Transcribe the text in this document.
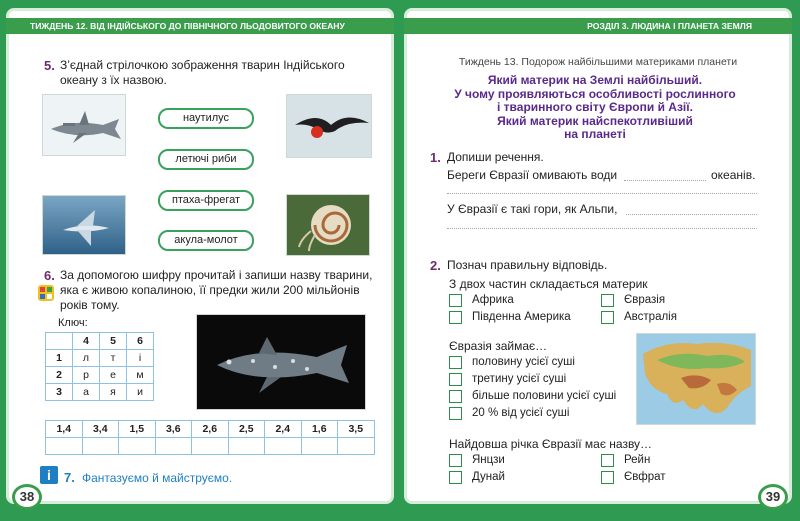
ТИЖДЕНЬ 12. ВІД ІНДІЙСЬКОГО ДО ПІВНІЧНОГО ЛЬОДОВИТОГО ОКЕАНУ	РОЗДІЛ 3. ЛЮДИНА І ПЛАНЕТА ЗЕМЛЯ
5. З’єднай стрілочкою зображення тварин Індійського
океану з їх назвою.
наутилус
летючі риби
птаха-фрегат
акула-молот
6. За допомогою шифру прочитай і запиши назву тварини,
яка є живою копалиною, її предки жили 200 мільйонів
років тому.
Ключ:
	4	5	6
1	л	т	і
2	р	е	м
3	а	я	и
1,4	3,4	1,5	3,6	2,6	2,5	2,4	1,6	3,5

i	7. Фантазуємо й майструємо.
38
Тиждень 13. Подорож найбільшими материками планети
Який материк на Землі найбільший.
У чому проявляються особливості рослинного
і тваринного світу Європи й Азії.
Який материк найспекотливіший
на планеті
1. Допиши речення.
Береги Євразії омивають води	океанів.
У Євразії є такі гори, як Альпи,
2. Познач правильну відповідь.
З двох частин складається материк
Африка	Євразія
Південна Америка	Австралія
Євразія займає…
половину усієї суші
третину усієї суші
більше половини усієї суші
20 % від усієї суші
Найдовша річка Євразії має назву…
Янцзи	Рейн
Дунай	Євфрат
39
